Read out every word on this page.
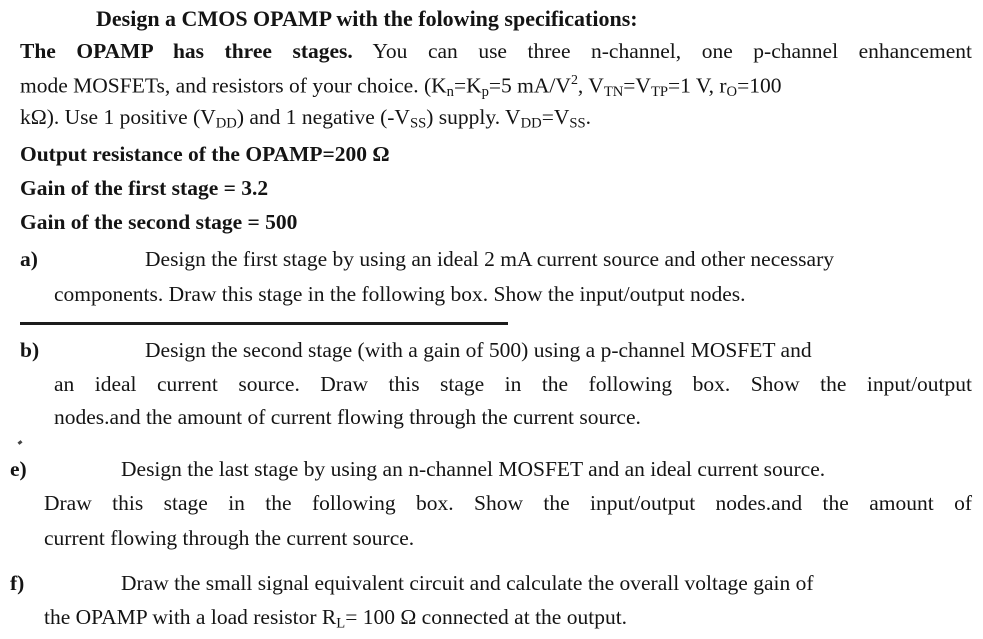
Design a CMOS OPAMP with the folowing specifications:
The OPAMP has three stages. You can use three n-channel, one p-channel enhancement
mode MOSFETs, and resistors of your choice. ($K_n=K_p=5$ $mA/V^2$, $V_{TN}=V_{TP}=1$ V, $r_O=100$
kΩ). Use 1 positive $(V_{DD})$ and 1 negative $(-V_{SS})$ supply. $V_{DD}=V_{SS}$.
Output resistance of the OPAMP=200 Ω
Gain of the first stage = 3.2
Gain of the second stage = 500
a)	Design the first stage by using an ideal 2 mA current source and other necessary
components. Draw this stage in the following box. Show the input/output nodes.
b)	Design the second stage (with a gain of 500) using a p-channel MOSFET and
an ideal current source. Draw this stage in the following box. Show the input/output
nodes.and the amount of current flowing through the current source.
e)	Design the last stage by using an n-channel MOSFET and an ideal current source.
Draw this stage in the following box. Show the input/output nodes.and the amount of
current flowing through the current source.
f)	Draw the small signal equivalent circuit and calculate the overall voltage gain of
the OPAMP with a load resistor $R_L= 100$ Ω connected at the output.
